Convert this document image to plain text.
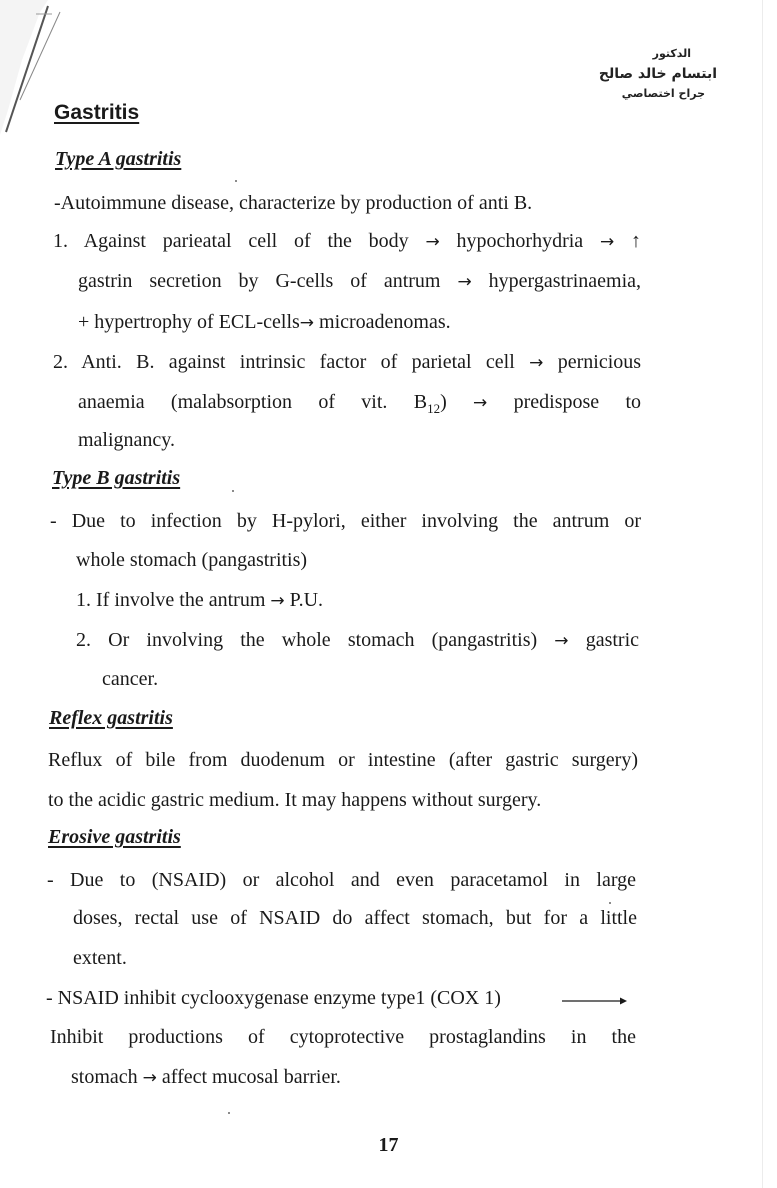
الدكتور
ابتسام خالد صالح
جراح اختصاصي
Gastritis
Type A gastritis
-Autoimmune disease, characterize by production of anti B.
1. Against parieatal cell of the body → hypochorhydria → ↑
gastrin secretion by G-cells of antrum → hypergastrinaemia,
+ hypertrophy of ECL-cells→ microadenomas.
2. Anti. B. against intrinsic factor of parietal cell → pernicious
anaemia (malabsorption of vit. $B_{12}$) → predispose to
malignancy.
Type B gastritis
- Due to infection by H-pylori, either involving the antrum or
whole stomach (pangastritis)
1. If involve the antrum → P.U.
2. Or involving the whole stomach (pangastritis) → gastric
cancer.
Reflex gastritis
Reflux of bile from duodenum or intestine (after gastric surgery)
to the acidic gastric medium. It may happens without surgery.
Erosive gastritis
- Due to (NSAID) or alcohol and even paracetamol in large
doses, rectal use of NSAID do affect stomach, but for a little
extent.
- NSAID inhibit cyclooxygenase enzyme type1 (COX 1)
Inhibit productions of cytoprotective prostaglandins in the
stomach → affect mucosal barrier.
17
